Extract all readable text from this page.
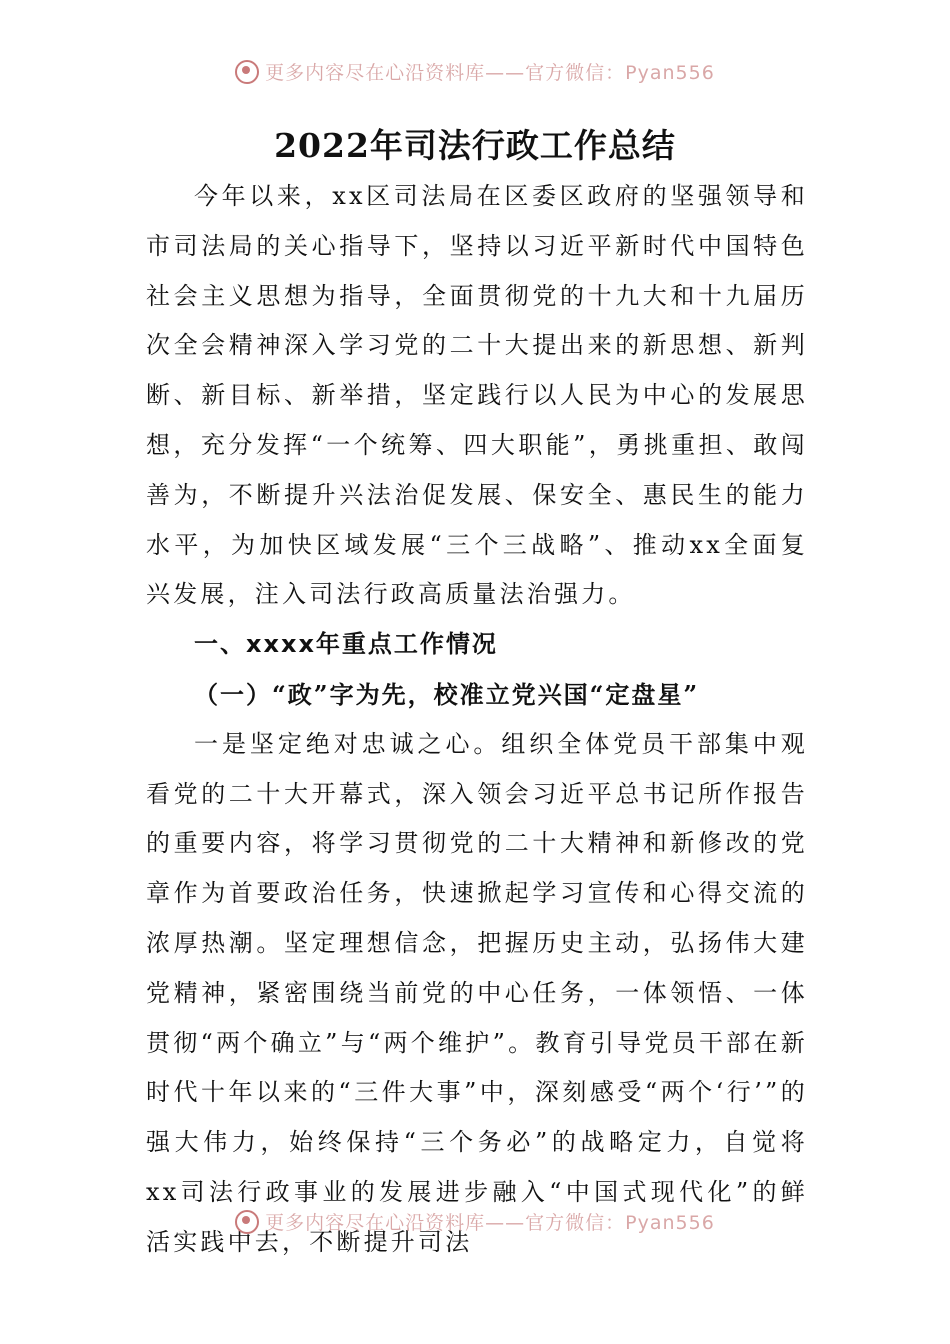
更多内容尽在心沿资料库——官方微信：Pyan556
2022年司法行政工作总结

今年以来，xx区司法局在区委区政府的坚强领导和市司法局的关心指导下，坚持以习近平新时代中国特色社会主义思想为指导，全面贯彻党的十九大和十九届历次全会精神深入学习党的二十大提出来的新思想、新判断、新目标、新举措，坚定践行以人民为中心的发展思想，充分发挥“一个统筹、四大职能”，勇挑重担、敢闯善为，不断提升兴法治促发展、保安全、惠民生的能力水平，为加快区域发展“三个三战略”、推动xx全面复兴发展，注入司法行政高质量法治强力。

一、xxxx年重点工作情况

（一）“政”字为先，校准立党兴国“定盘星”

一是坚定绝对忠诚之心。组织全体党员干部集中观看党的二十大开幕式，深入领会习近平总书记所作报告的重要内容，将学习贯彻党的二十大精神和新修改的党章作为首要政治任务，快速掀起学习宣传和心得交流的浓厚热潮。坚定理想信念，把握历史主动，弘扬伟大建党精神，紧密围绕当前党的中心任务，一体领悟、一体贯彻“两个确立”与“两个维护”。教育引导党员干部在新时代十年以来的“三件大事”中，深刻感受“两个‘行’”的强大伟力，始终保持“三个务必”的战略定力，自觉将xx司法行政事业的发展进步融入“中国式现代化”的鲜活实践中去，不断提升司法

更多内容尽在心沿资料库——官方微信：Pyan556
